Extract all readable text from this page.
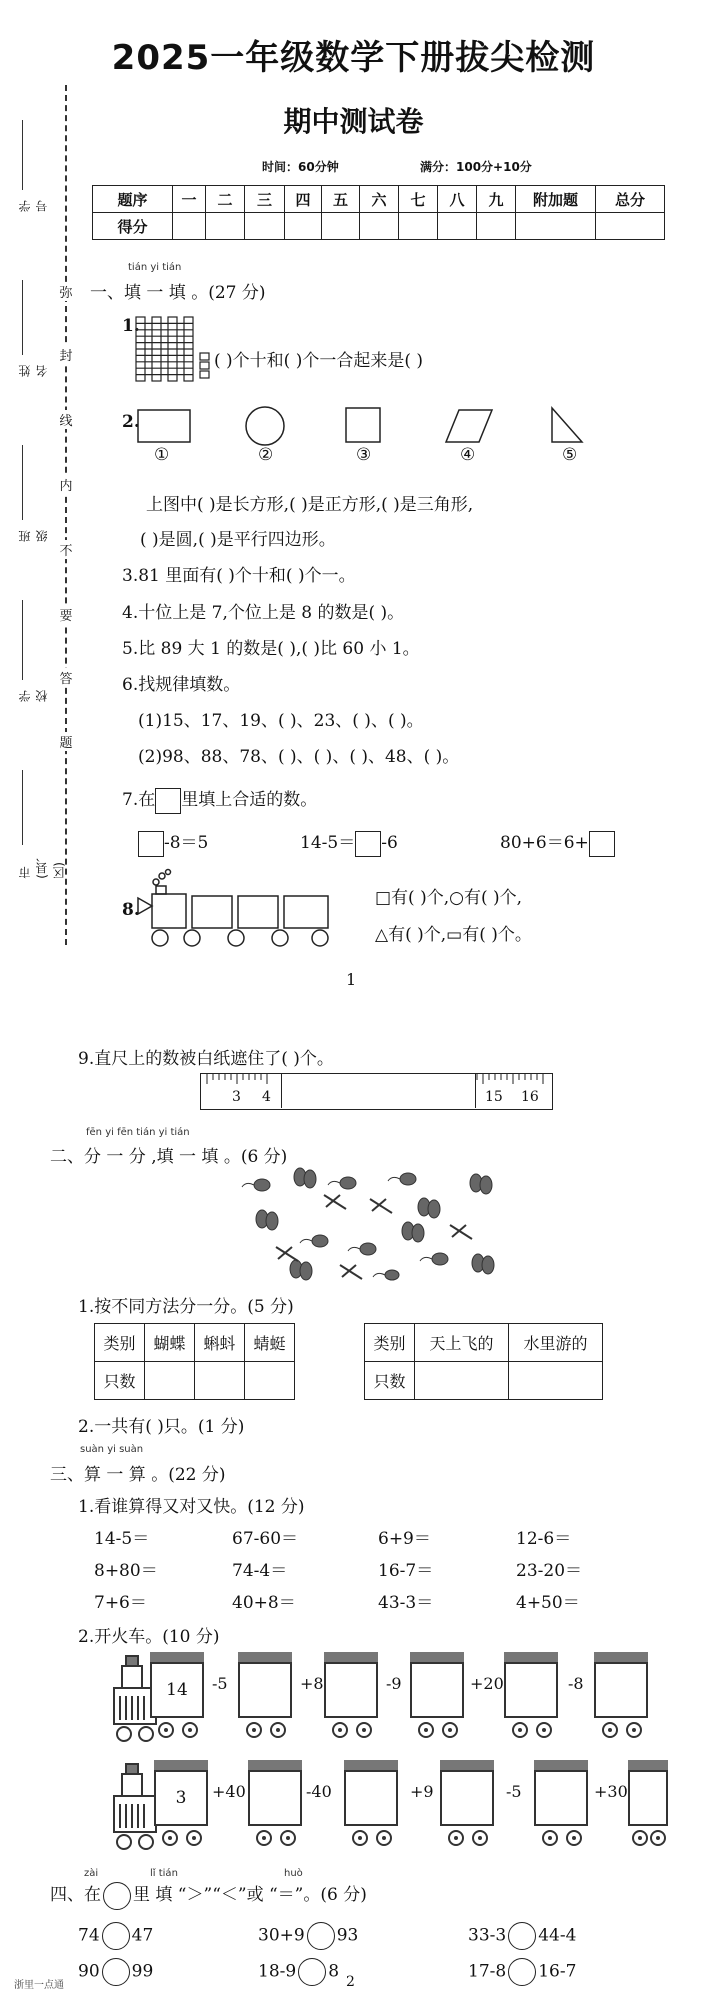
2025一年级数学下册拔尖检测
期中测试卷
时间：60分钟	满分：100分+10分
题序	一	二	三	四	五	六	七	八	九	附加题	总分
得分											
学号
姓名
班级
学校
市(县、区)
弥
封
线
内
不
要
答
题
tián yi tián
一、填 一 填 。(27 分)
1.
( )个十和( )个一合起来是( )
2.
①	②	③	④	⑤
上图中( )是长方形,( )是正方形,( )是三角形,
( )是圆,( )是平行四边形。
3.81 里面有( )个十和( )个一。
4.十位上是 7,个位上是 8 的数是( )。
5.比 89 大 1 的数是( ),( )比 60 小 1。
6.找规律填数。
(1)15、17、19、( )、23、( )、( )。
(2)98、88、78、( )、( )、( )、48、( )。
7.在 里填上合适的数。
-8＝5	14-5＝ -6	80+6＝6+
8.
□有( )个,○有( )个,
△有( )个,▭有( )个。
1
9.直尺上的数被白纸遮住了( )个。
3 4	15 16
fēn yi fēn tián yi tián
二、分 一 分 ,填 一 填 。(6 分)
1.按不同方法分一分。(5 分)
类别	蝴蝶	蝌蚪	蜻蜓
只数			
类别	天上飞的	水里游的
只数		
2.一共有( )只。(1 分)
suàn yi suàn
三、算 一 算 。(22 分)
1.看谁算得又对又快。(12 分)
14-5＝	67-60＝	6+9＝	12-6＝
8+80＝	74-4＝	16-7＝	23-20＝
7+6＝	40+8＝	43-3＝	4+50＝
2.开火车。(10 分)
14	-5	+8	-9	+20	-8
3	+40	-40	+9	-5	+30
zài	lǐ tián	huò
四、在 里 填 “＞”“＜”或 “＝”。(6 分)
74 47	30+9 93	33-3 44-4
90 99	18-9 8	17-8 16-7
浙里一点通	2
